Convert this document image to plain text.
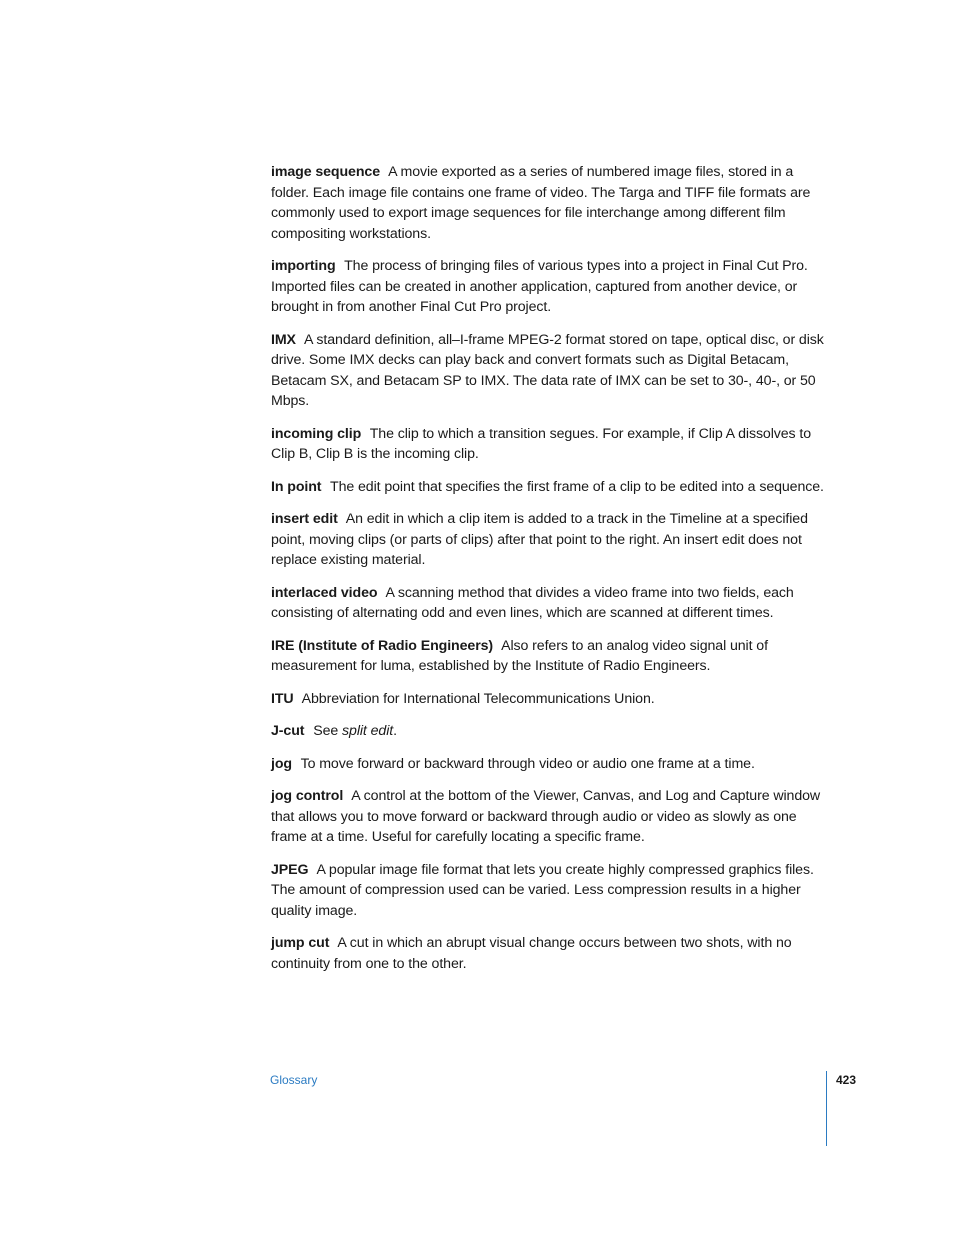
image sequence A movie exported as a series of numbered image files, stored in a folder. Each image file contains one frame of video. The Targa and TIFF file formats are commonly used to export image sequences for file interchange among different film compositing workstations.

importing The process of bringing files of various types into a project in Final Cut Pro. Imported files can be created in another application, captured from another device, or brought in from another Final Cut Pro project.

IMX A standard definition, all–I-frame MPEG-2 format stored on tape, optical disc, or disk drive. Some IMX decks can play back and convert formats such as Digital Betacam, Betacam SX, and Betacam SP to IMX. The data rate of IMX can be set to 30-, 40-, or 50 Mbps.

incoming clip The clip to which a transition segues. For example, if Clip A dissolves to Clip B, Clip B is the incoming clip.

In point The edit point that specifies the first frame of a clip to be edited into a sequence.

insert edit An edit in which a clip item is added to a track in the Timeline at a specified point, moving clips (or parts of clips) after that point to the right. An insert edit does not replace existing material.

interlaced video A scanning method that divides a video frame into two fields, each consisting of alternating odd and even lines, which are scanned at different times.

IRE (Institute of Radio Engineers) Also refers to an analog video signal unit of measurement for luma, established by the Institute of Radio Engineers.

ITU Abbreviation for International Telecommunications Union.

J-cut See split edit.

jog To move forward or backward through video or audio one frame at a time.

jog control A control at the bottom of the Viewer, Canvas, and Log and Capture window that allows you to move forward or backward through audio or video as slowly as one frame at a time. Useful for carefully locating a specific frame.

JPEG A popular image file format that lets you create highly compressed graphics files. The amount of compression used can be varied. Less compression results in a higher quality image.

jump cut A cut in which an abrupt visual change occurs between two shots, with no continuity from one to the other.

Glossary	423
